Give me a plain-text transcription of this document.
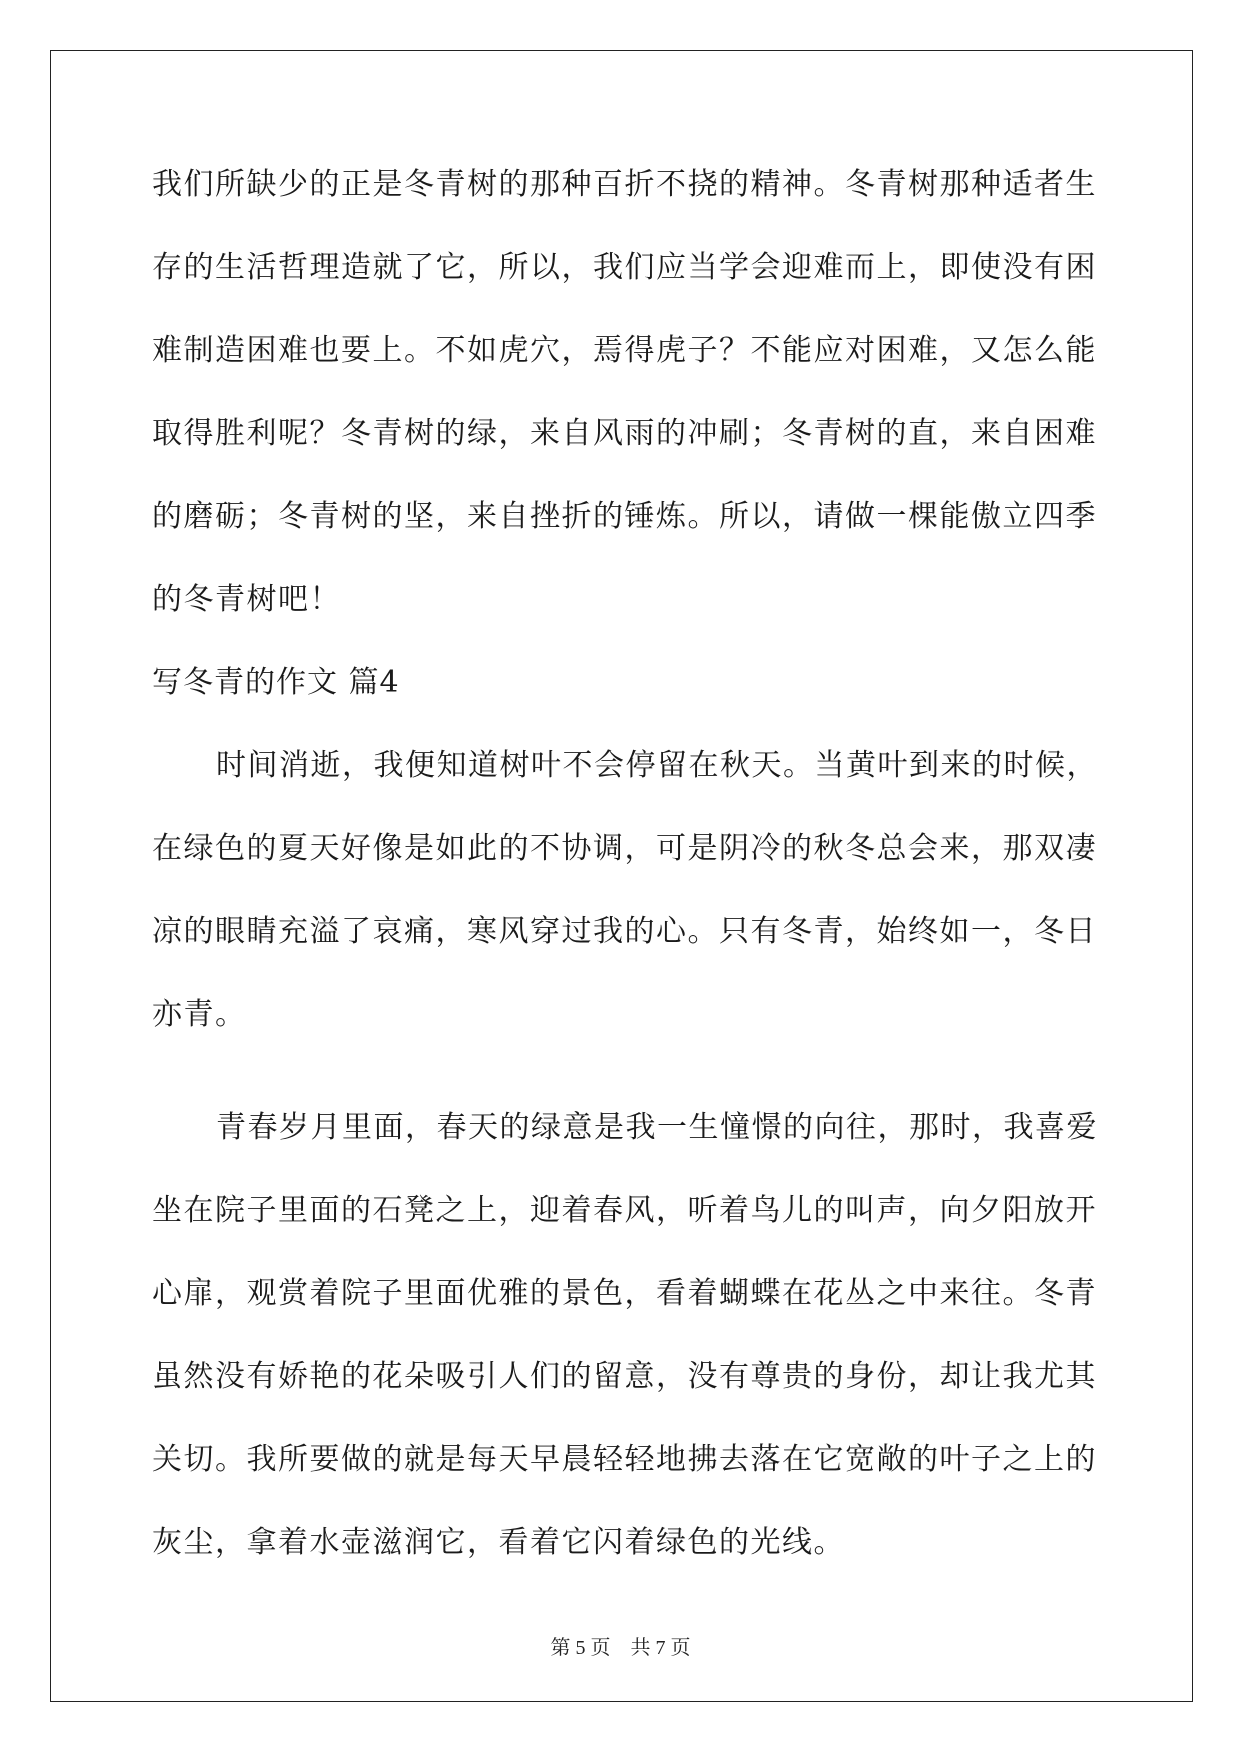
我们所缺少的正是冬青树的那种百折不挠的精神。冬青树那种适者生
存的生活哲理造就了它，所以，我们应当学会迎难而上，即使没有困
难制造困难也要上。不如虎穴，焉得虎子？不能应对困难，又怎么能
取得胜利呢？冬青树的绿，来自风雨的冲刷；冬青树的直，来自困难
的磨砺；冬青树的坚，来自挫折的锤炼。所以，请做一棵能傲立四季
的冬青树吧！
写冬青的作文 篇4
时间消逝，我便知道树叶不会停留在秋天。当黄叶到来的时候，
在绿色的夏天好像是如此的不协调，可是阴冷的秋冬总会来，那双凄
凉的眼睛充溢了哀痛，寒风穿过我的心。只有冬青，始终如一，冬日
亦青。
青春岁月里面，春天的绿意是我一生憧憬的向往，那时，我喜爱
坐在院子里面的石凳之上，迎着春风，听着鸟儿的叫声，向夕阳放开
心扉，观赏着院子里面优雅的景色，看着蝴蝶在花丛之中来往。冬青
虽然没有娇艳的花朵吸引人们的留意，没有尊贵的身份，却让我尤其
关切。我所要做的就是每天早晨轻轻地拂去落在它宽敞的叶子之上的
灰尘，拿着水壶滋润它，看着它闪着绿色的光线。
第 5 页　共 7 页
